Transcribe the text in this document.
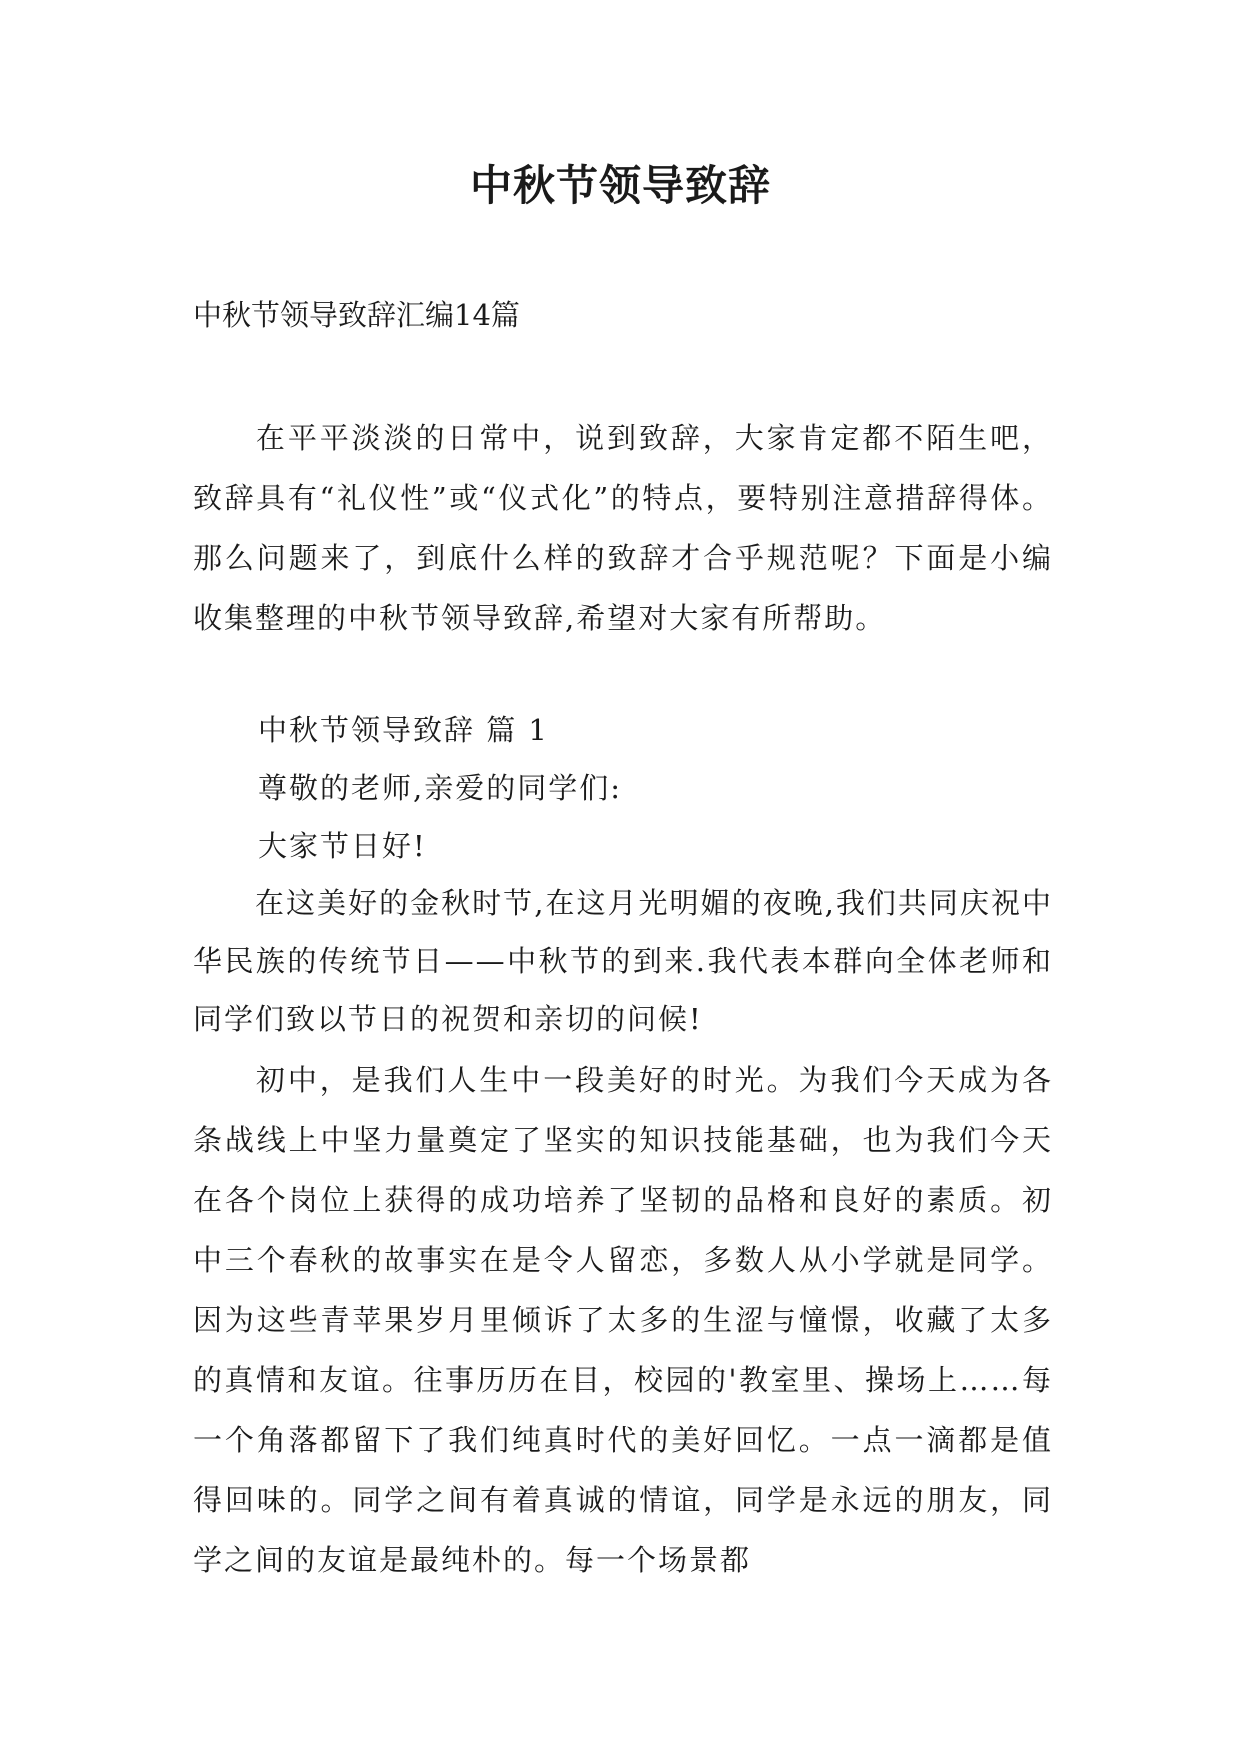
中秋节领导致辞

中秋节领导致辞汇编14篇

在平平淡淡的日常中，说到致辞，大家肯定都不陌生吧，致辞具有“礼仪性”或“仪式化”的特点，要特别注意措辞得体。那么问题来了，到底什么样的致辞才合乎规范呢？下面是小编收集整理的中秋节领导致辞,希望对大家有所帮助。

中秋节领导致辞 篇 1

尊敬的老师,亲爱的同学们:

大家节日好!

在这美好的金秋时节,在这月光明媚的夜晚,我们共同庆祝中华民族的传统节日——中秋节的到来.我代表本群向全体老师和同学们致以节日的祝贺和亲切的问候!

初中，是我们人生中一段美好的时光。为我们今天成为各条战线上中坚力量奠定了坚实的知识技能基础，也为我们今天在各个岗位上获得的成功培养了坚韧的品格和良好的素质。初中三个春秋的故事实在是令人留恋，多数人从小学就是同学。因为这些青苹果岁月里倾诉了太多的生涩与憧憬，收藏了太多的真情和友谊。往事历历在目，校园的'教室里、操场上……每一个角落都留下了我们纯真时代的美好回忆。一点一滴都是值得回味的。同学之间有着真诚的情谊，同学是永远的朋友，同学之间的友谊是最纯朴的。每一个场景都
